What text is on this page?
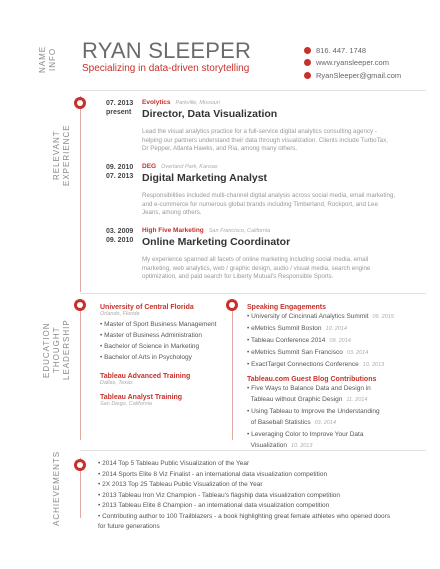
NAME
INFO
RELEVANT EXPERIENCE
EDUCATION
THOUGHT LEADERSHIP
ACHIEVEMENTS
RYAN SLEEPER
Specializing in data-driven storytelling
816. 447. 1748
www.ryansleeper.com
RyanSleeper@gmail.com
07. 2013
present
Evolytics Parkville, Missouri
Director, Data Visualization
Lead the visual analytics practice for a full-service digital analytics consulting agency - helping our partners understand their data through visualization. Clients include TurboTax, Dr Pepper, Atlanta Hawks, and Ria, among many others.
09. 2010
07. 2013
DEG Overland Park, Kansas
Digital Marketing Analyst
Responsibilities included multi-channel digital analysis across social media, email marketing, and e-commerce for numerous global brands including Timberland, Rockport, and Lee Jeans, among others.
03. 2009
09. 2010
High Five Marketing San Francisco, California
Online Marketing Coordinator
My experience spanned all facets of online marketing including social media, email marketing, web analytics, web / graphic design, audio / visual media, search engine optimization, and paid search for Liberty Mutual's Responsible Sports.
University of Central Florida
Orlando, Florida
• Master of Sport Business Management
• Master of Business Administration
• Bachelor of Science in Marketing
• Bachelor of Arts in Psychology
Tableau Advanced Training
Dallas, Texas
Tableau Analyst Training
San Diego, California
Speaking Engagements
• University of Cincinnati Analytics Summit 09. 2015
• eMetrics Summit Boston 10. 2014
• Tableau Conference 2014 09. 2014
• eMetrics Summit San Francisco 03. 2014
• ExactTarget Connections Conference 10. 2013
Tableau.com Guest Blog Contributions
• Five Ways to Balance Data and Design in
Tableau without Graphic Design 11. 2014
• Using Tableau to Improve the Understanding
of Baseball Statistics 03. 2014
• Leveraging Color to Improve Your Data
Visualization 10. 2013
• 2014 Top 5 Tableau Public Visualization of the Year
• 2014 Sports Elite 8 Viz Finalist - an international data visualization competition
• 2X 2013 Top 25 Tableau Public Visualization of the Year
• 2013 Tableau Iron Viz Champion - Tableau's flagship data visualization competition
• 2013 Tableau Elite 8 Champion - an international data visualization competition
• Contributing author to 100 Trailblazers - a book highlighting great female athletes who opened doors for future generations
